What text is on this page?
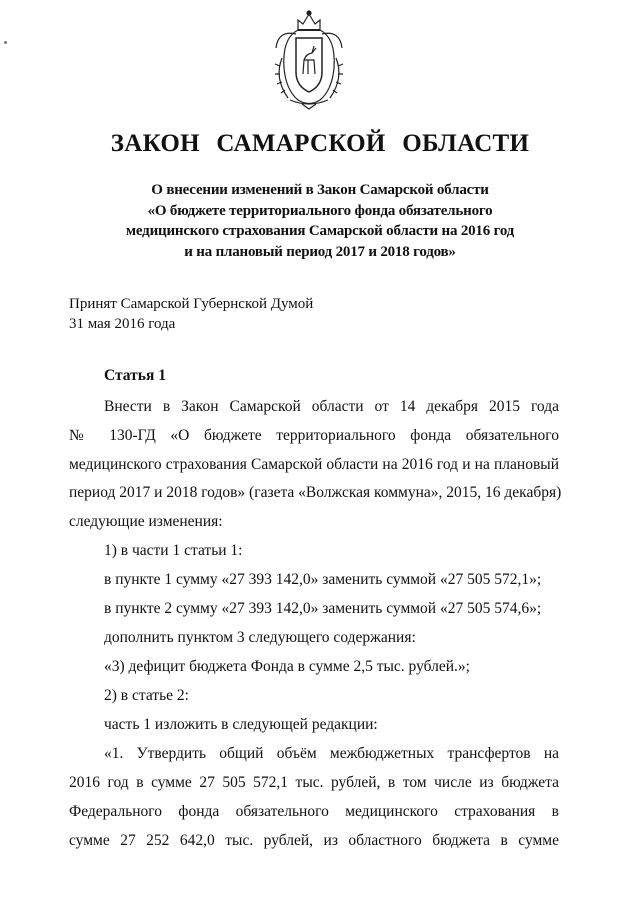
ЗАКОН САМАРСКОЙ ОБЛАСТИ
О внесении изменений в Закон Самарской области
«О бюджете территориального фонда обязательного
медицинского страхования Самарской области на 2016 год
и на плановый период 2017 и 2018 годов»
Принят Самарской Губернской Думой
31 мая 2016 года
Статья 1
Внести в Закон Самарской области от 14 декабря 2015 года
№ 130-ГД «О бюджете территориального фонда обязательного
медицинского страхования Самарской области на 2016 год и на плановый
период 2017 и 2018 годов» (газета «Волжская коммуна», 2015, 16 декабря)
следующие изменения:
1) в части 1 статьи 1:
в пункте 1 сумму «27 393 142,0» заменить суммой «27 505 572,1»;
в пункте 2 сумму «27 393 142,0» заменить суммой «27 505 574,6»;
дополнить пунктом 3 следующего содержания:
«3) дефицит бюджета Фонда в сумме 2,5 тыс. рублей.»;
2) в статье 2:
часть 1 изложить в следующей редакции:
«1. Утвердить общий объём межбюджетных трансфертов на
2016 год в сумме 27 505 572,1 тыс. рублей, в том числе из бюджета
Федерального фонда обязательного медицинского страхования в
сумме 27 252 642,0 тыс. рублей, из областного бюджета в сумме
